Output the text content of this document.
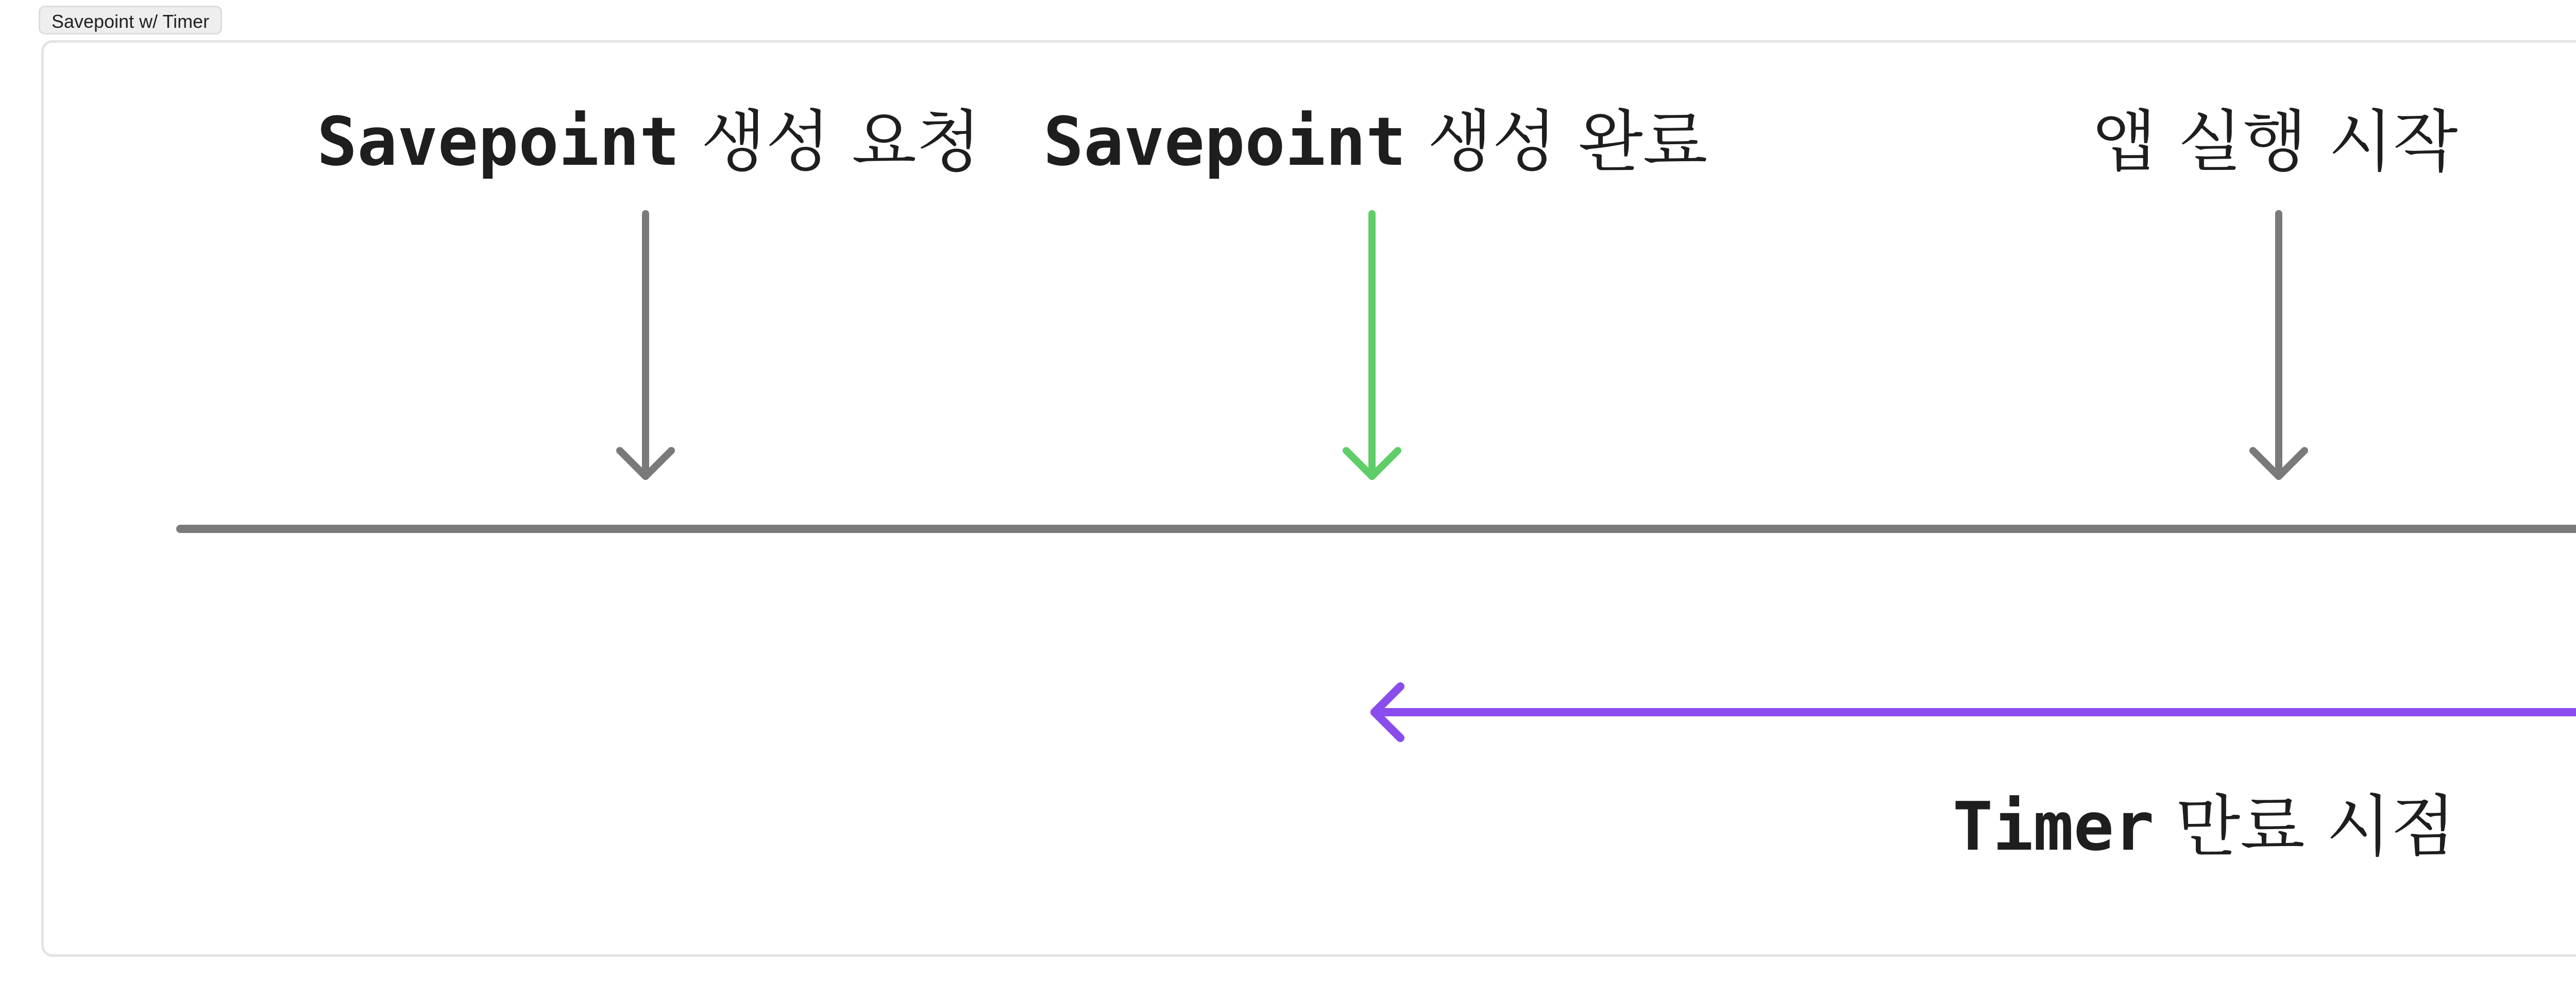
Savepoint w/ Timer
Savepoint 생성 요청 Savepoint 생성 완료	앱 실행 시작
Timer 만료 시점
